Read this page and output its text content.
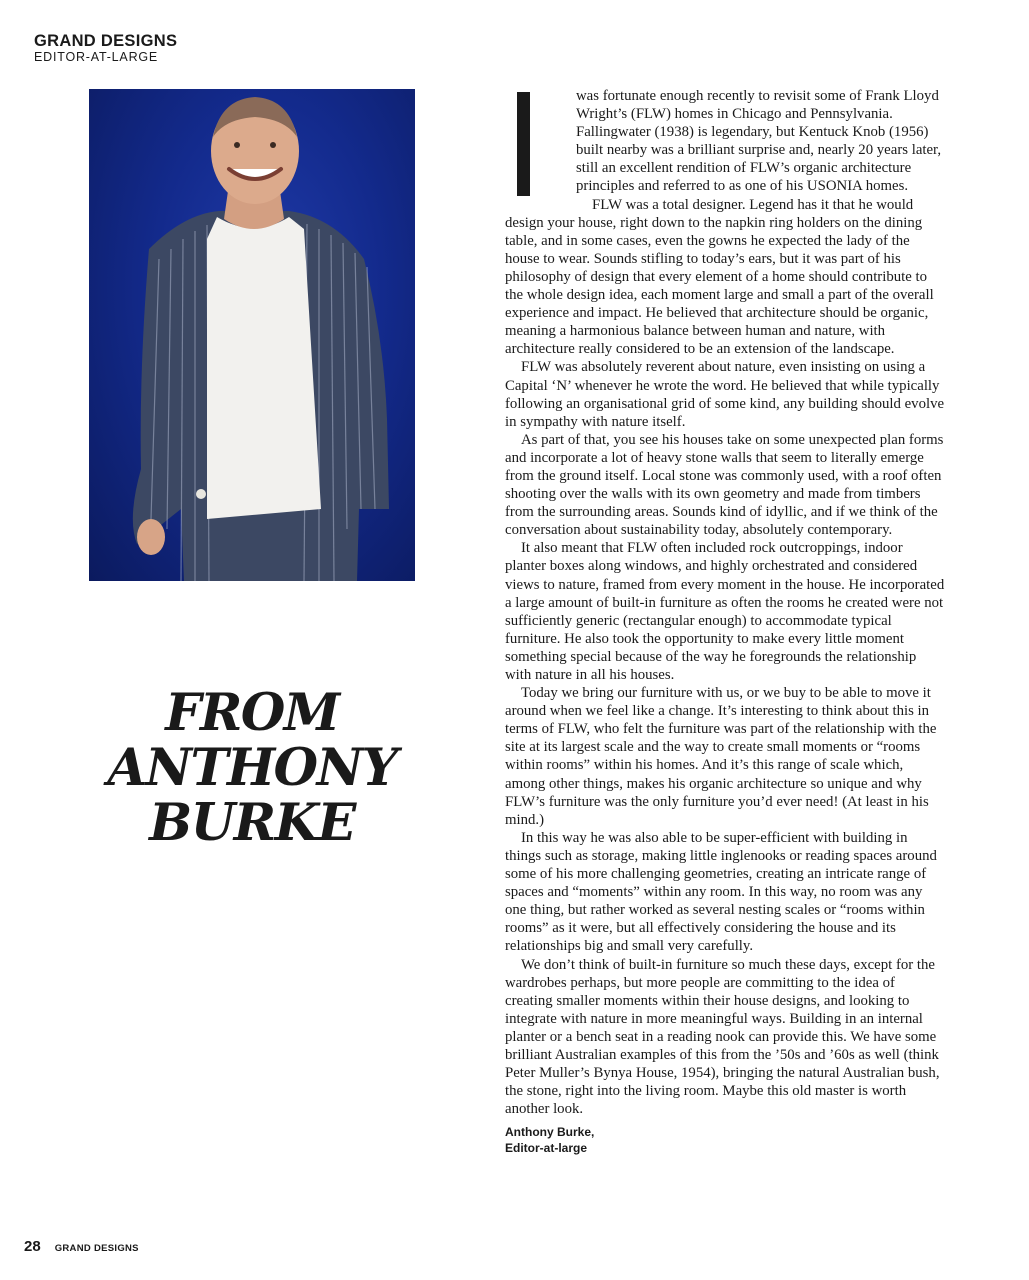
GRAND DESIGNS
EDITOR-AT-LARGE
FROM
ANTHONY
BURKE

was fortunate enough recently to revisit some of Frank Lloyd Wright’s (FLW) homes in Chicago and Pennsylvania. Fallingwater (1938) is legendary, but Kentuck Knob (1956) built nearby was a brilliant surprise and, nearly 20 years later, still an excellent rendition of FLW’s organic architecture principles and referred to as one of his USONIA homes.

FLW was a total designer. Legend has it that he would design your house, right down to the napkin ring holders on the dining table, and in some cases, even the gowns he expected the lady of the house to wear. Sounds stifling to today’s ears, but it was part of his philosophy of design that every element of a home should contribute to the whole design idea, each moment large and small a part of the overall experience and impact. He believed that architecture should be organic, meaning a harmonious balance between human and nature, with architecture really considered to be an extension of the landscape.

FLW was absolutely reverent about nature, even insisting on using a Capital ‘N’ whenever he wrote the word. He believed that while typically following an organisational grid of some kind, any building should evolve in sympathy with nature itself.

As part of that, you see his houses take on some unexpected plan forms and incorporate a lot of heavy stone walls that seem to literally emerge from the ground itself. Local stone was commonly used, with a roof often shooting over the walls with its own geometry and made from timbers from the surrounding areas. Sounds kind of idyllic, and if we think of the conversation about sustainability today, absolutely contemporary.

It also meant that FLW often included rock outcroppings, indoor planter boxes along windows, and highly orchestrated and considered views to nature, framed from every moment in the house. He incorporated a large amount of built-in furniture as often the rooms he created were not sufficiently generic (rectangular enough) to accommodate typical furniture. He also took the opportunity to make every little moment something special because of the way he foregrounds the relationship with nature in all his houses.

Today we bring our furniture with us, or we buy to be able to move it around when we feel like a change. It’s interesting to think about this in terms of FLW, who felt the furniture was part of the relationship with the site at its largest scale and the way to create small moments or “rooms within rooms” within his homes. And it’s this range of scale which, among other things, makes his organic architecture so unique and why FLW’s furniture was the only furniture you’d ever need! (At least in his mind.)

In this way he was also able to be super-efficient with building in things such as storage, making little inglenooks or reading spaces around some of his more challenging geometries, creating an intricate range of spaces and “moments” within any room. In this way, no room was any one thing, but rather worked as several nesting scales or “rooms within rooms” as it were, but all effectively considering the house and its relationships big and small very carefully.

We don’t think of built-in furniture so much these days, except for the wardrobes perhaps, but more people are committing to the idea of creating smaller moments within their house designs, and looking to integrate with nature in more meaningful ways. Building in an internal planter or a bench seat in a reading nook can provide this. We have some brilliant Australian examples of this from the ’50s and ’60s as well (think Peter Muller’s Bynya House, 1954), bringing the natural Australian bush, the stone, right into the living room. Maybe this old master is worth another look.

Anthony Burke,
Editor-at-large
28 GRAND DESIGNS
